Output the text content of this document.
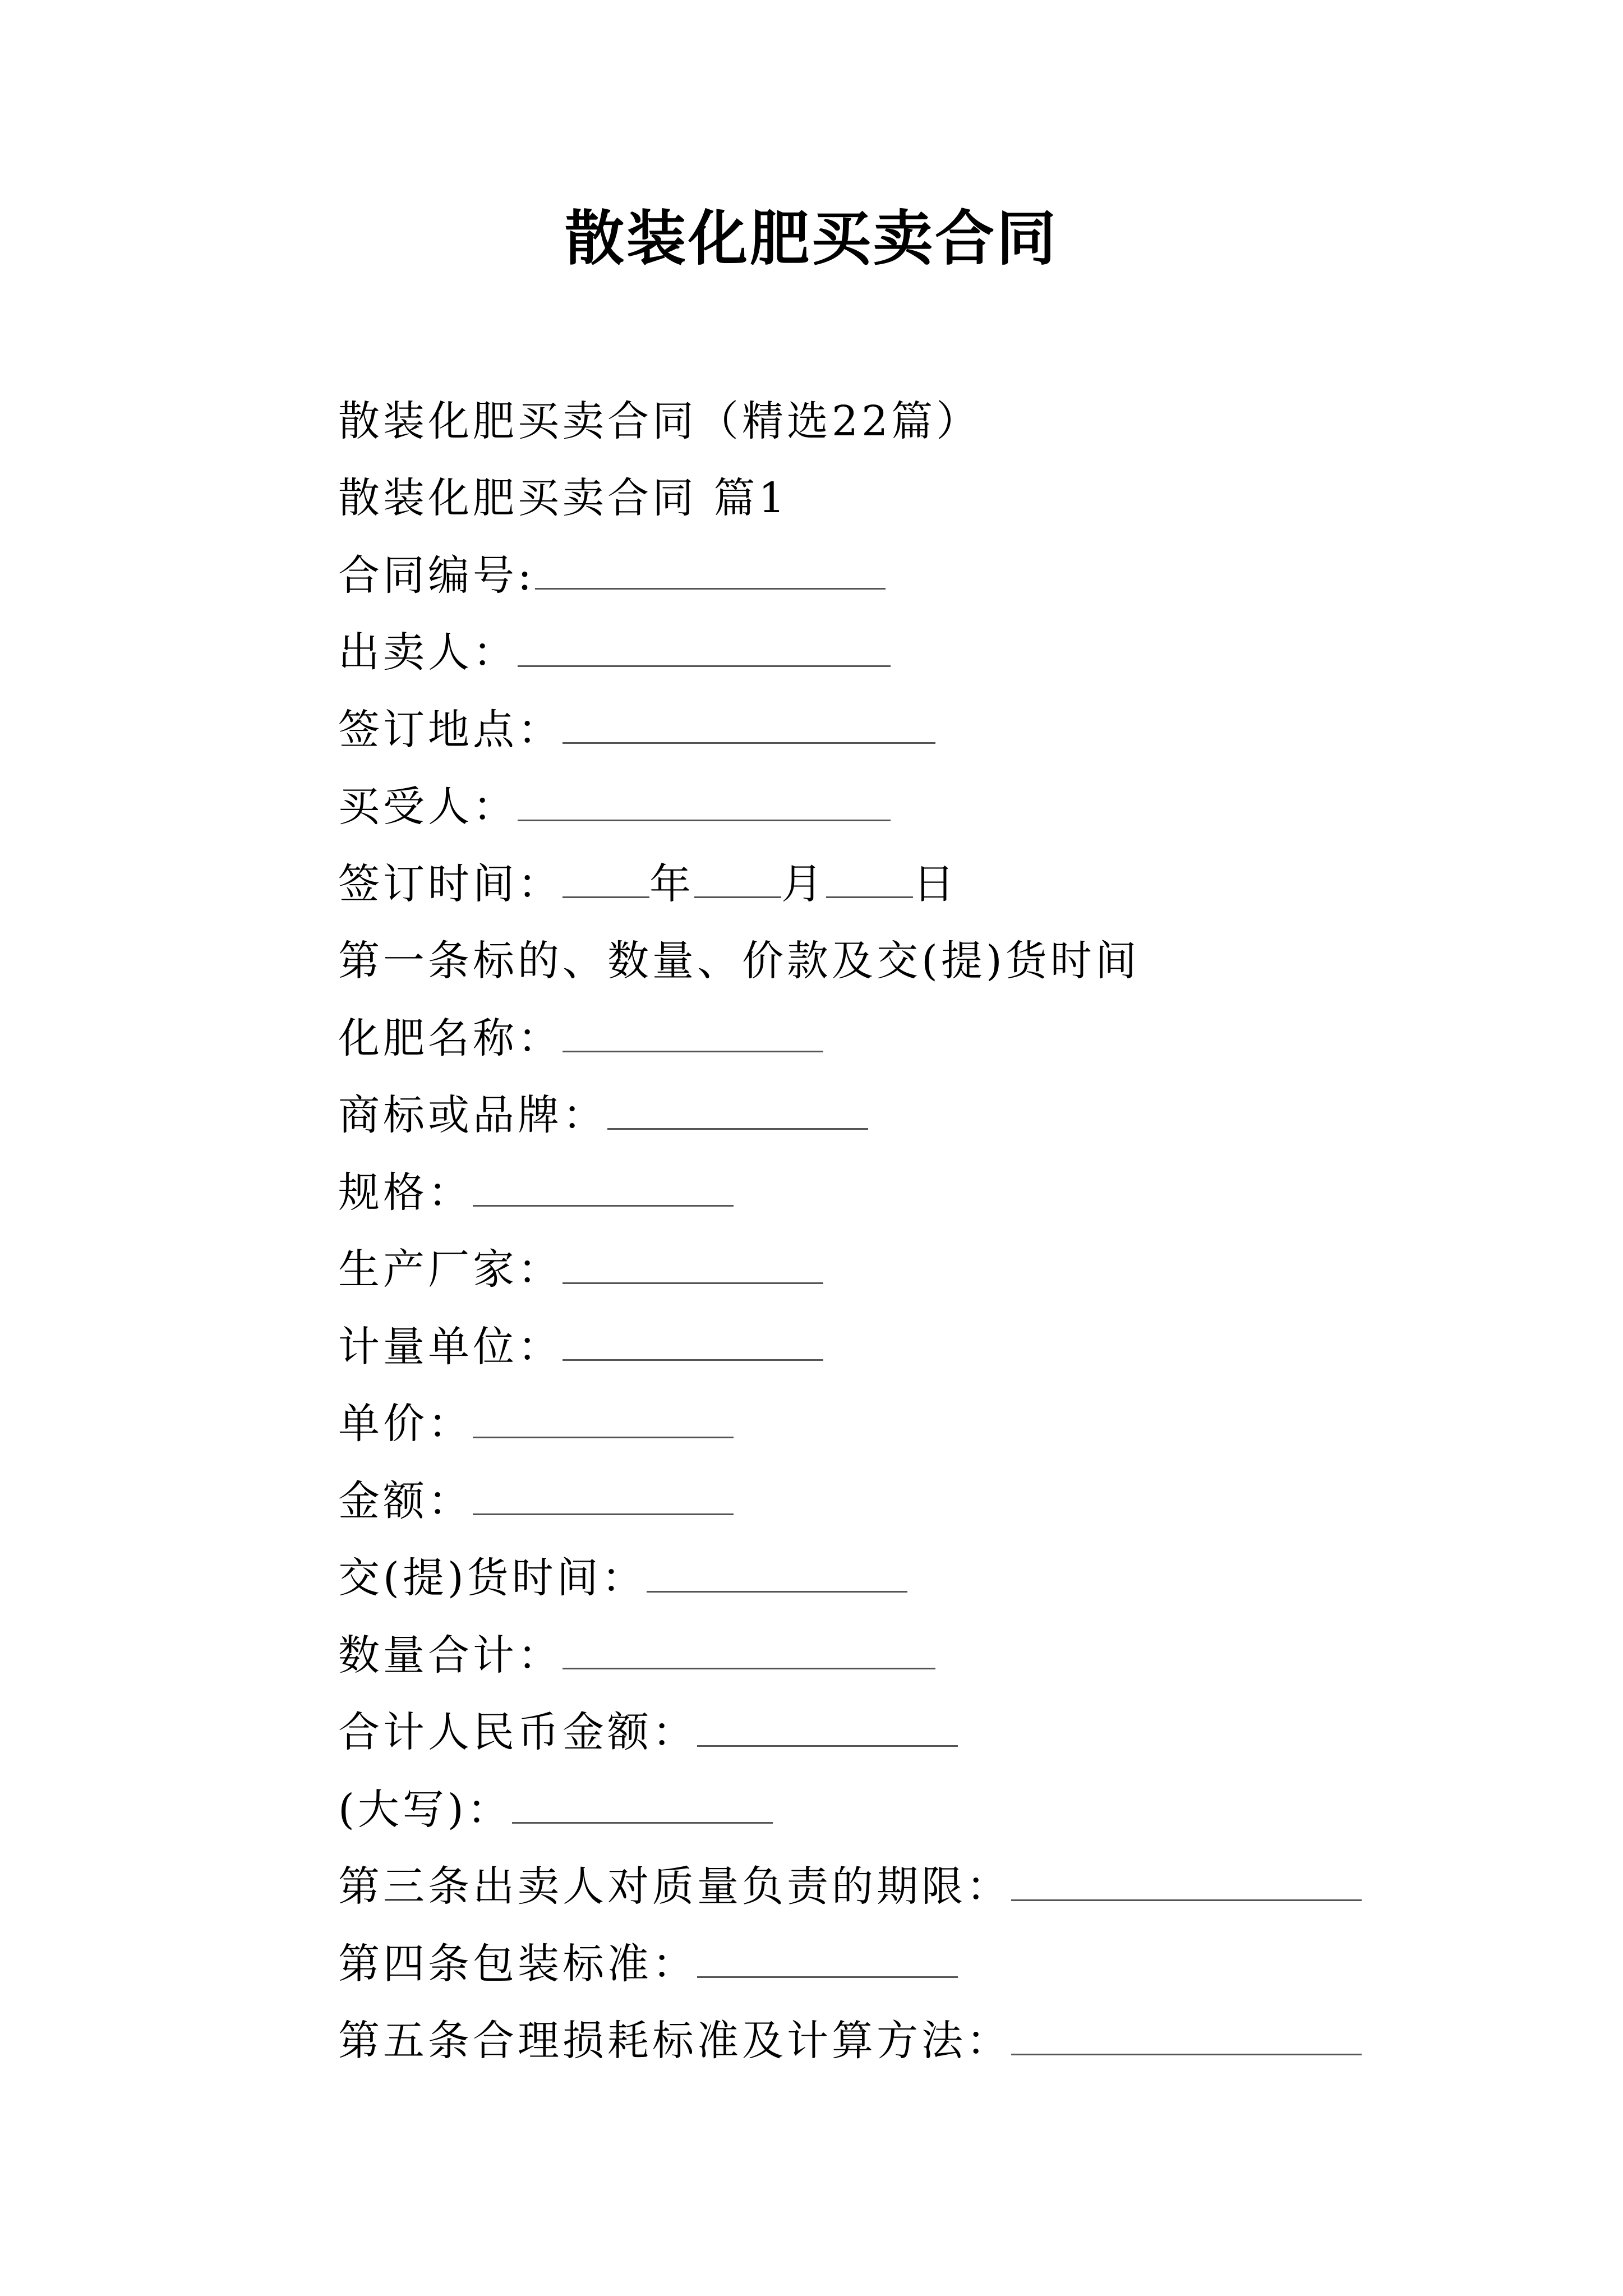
散装化肥买卖合同
散装化肥买卖合同（精选22篇）
散装化肥买卖合同 篇1
合同编号:
出卖人：
签订地点：
买受人：
签订时间： 年 月 日
第一条标的、数量、价款及交(提)货时间
化肥名称：
商标或品牌：
规格：
生产厂家：
计量单位：
单价：
金额：
交(提)货时间：
数量合计：
合计人民币金额：
(大写)：
第三条出卖人对质量负责的期限：
第四条包装标准：
第五条合理损耗标准及计算方法：
